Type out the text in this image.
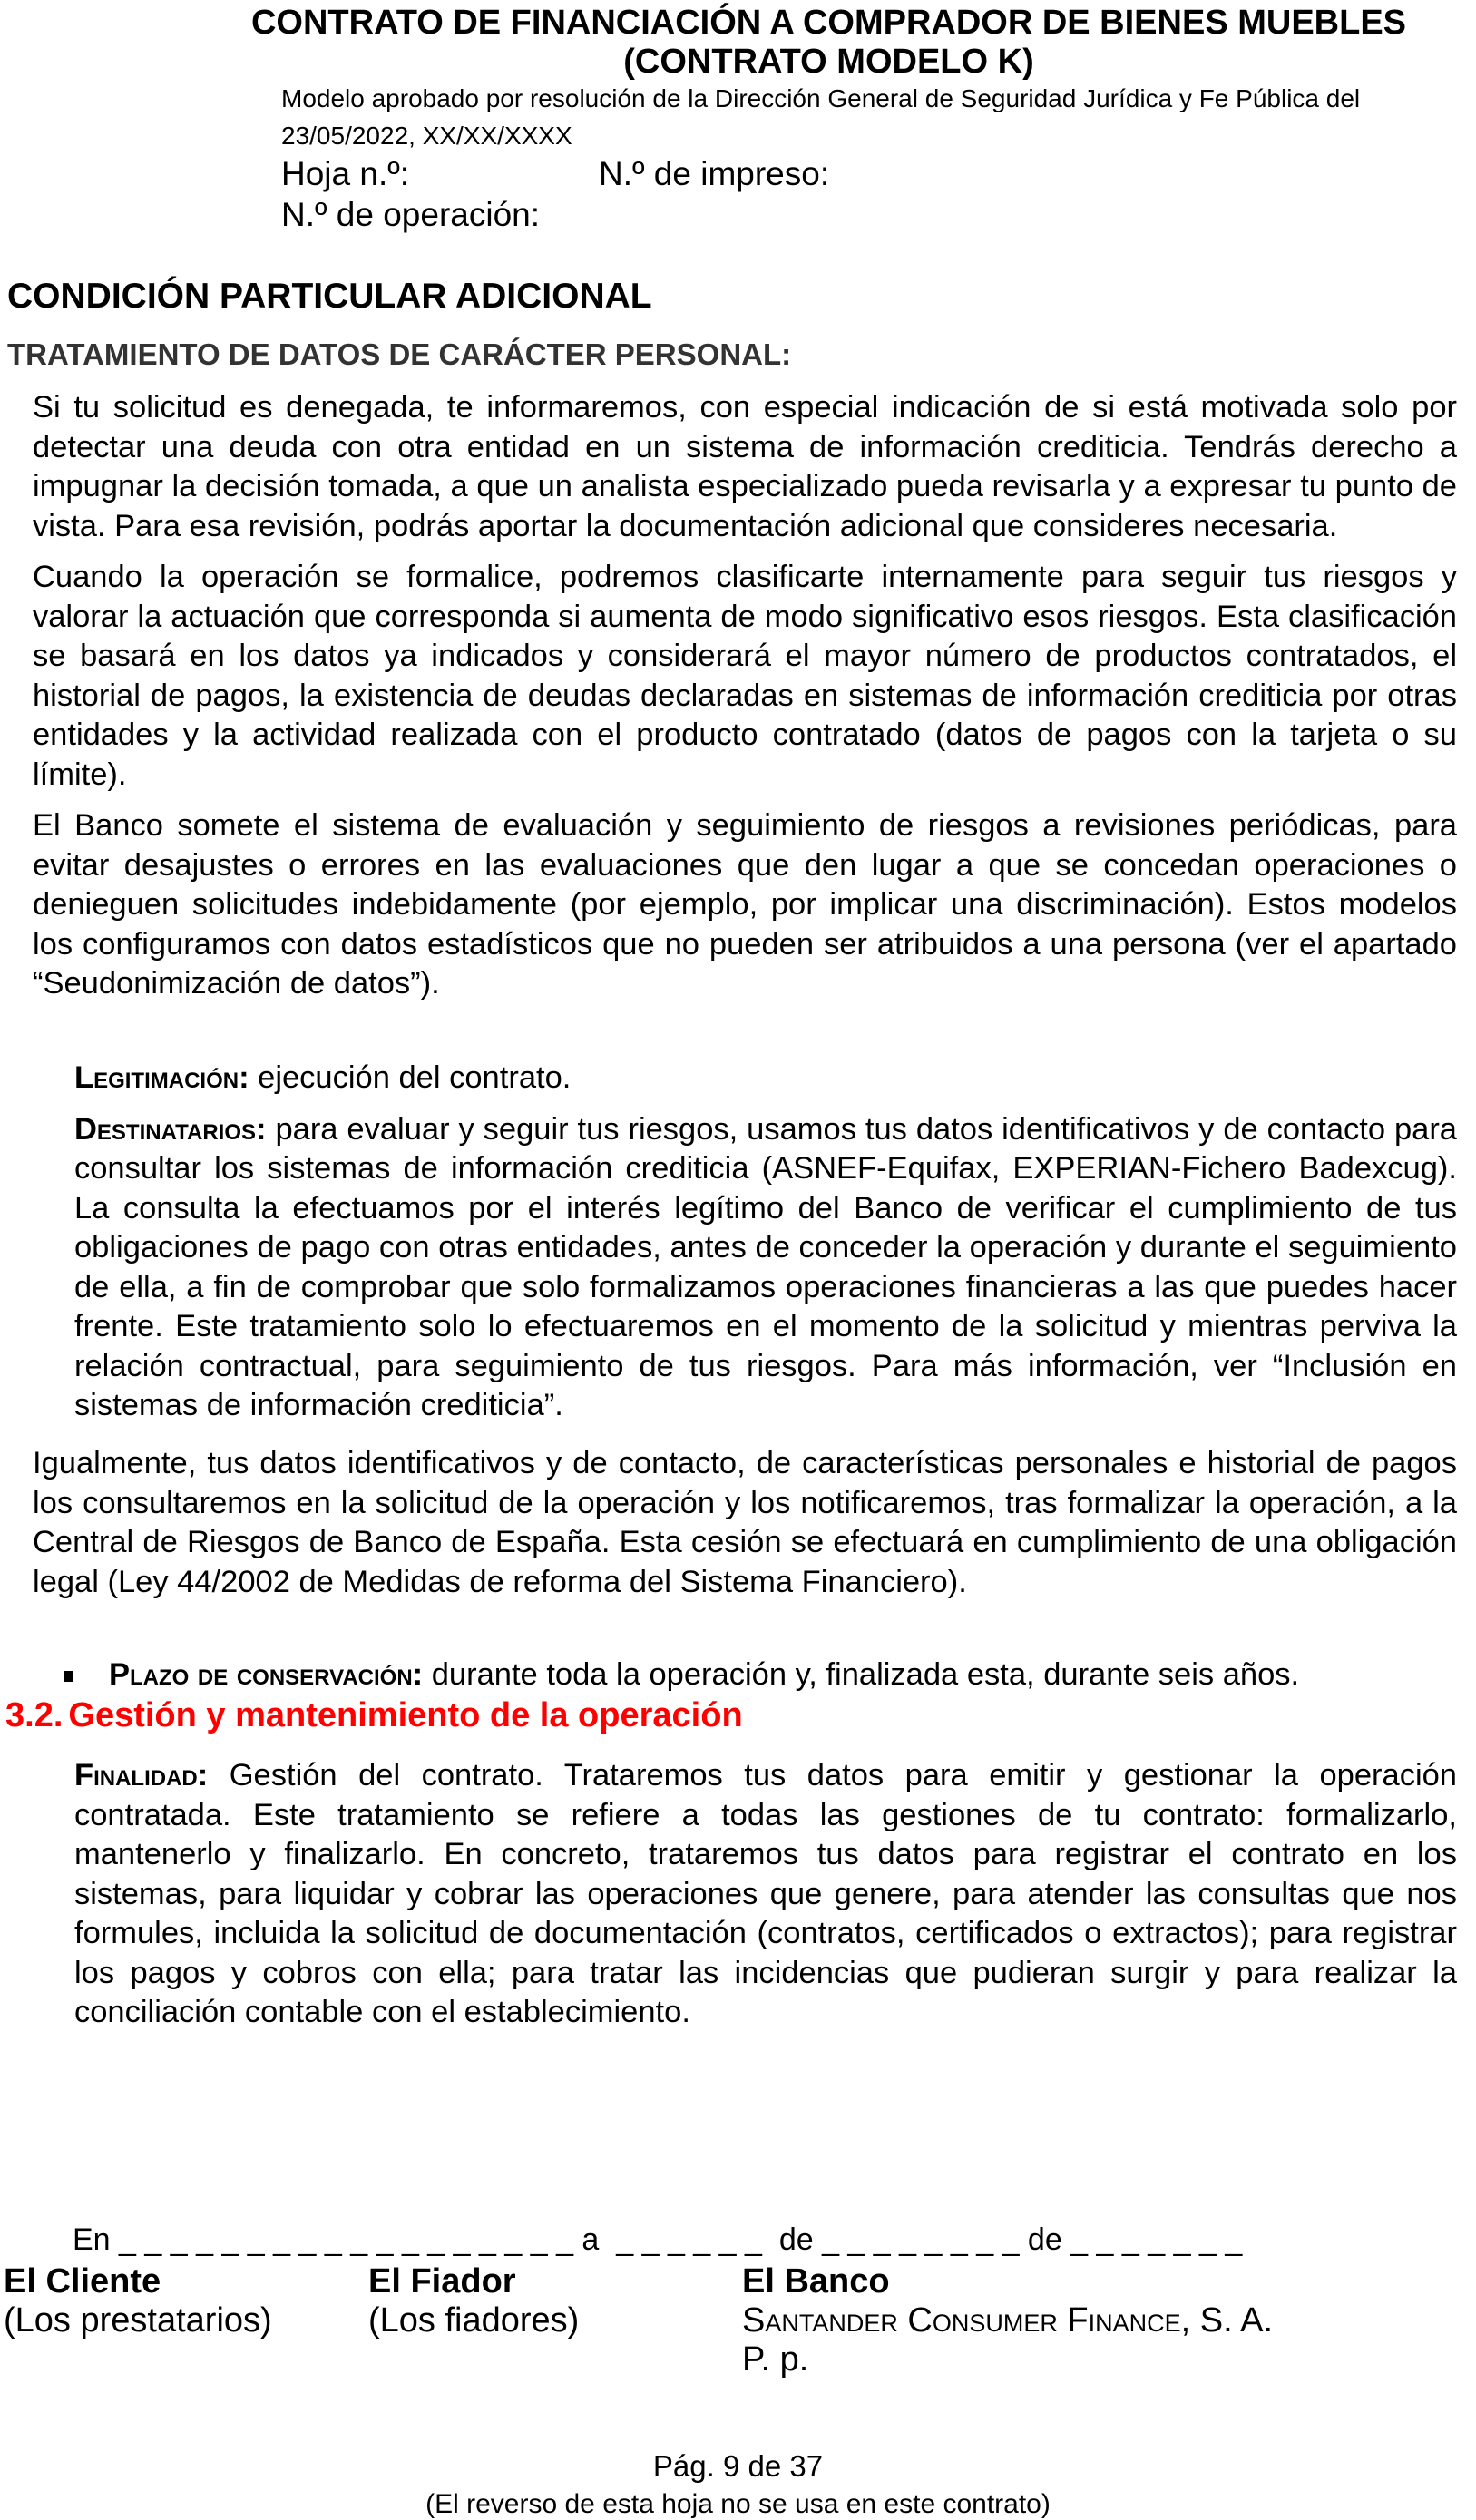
CONTRATO DE FINANCIACIÓN A COMPRADOR DE BIENES MUEBLES
(CONTRATO MODELO K)
Modelo aprobado por resolución de la Dirección General de Seguridad Jurídica y Fe Pública del
23/05/2022, XX/XX/XXXX
Hoja n.º:	N.º de impreso:
N.º de operación:
CONDICIÓN PARTICULAR ADICIONAL
TRATAMIENTO DE DATOS DE CARÁCTER PERSONAL:

Si tu solicitud es denegada, te informaremos, con especial indicación de si está motivada solo por detectar una deuda con otra entidad en un sistema de información crediticia. Tendrás derecho a impugnar la decisión tomada, a que un analista especializado pueda revisarla y a expresar tu punto de vista. Para esa revisión, podrás aportar la documentación adicional que consideres necesaria.

Cuando la operación se formalice, podremos clasificarte internamente para seguir tus riesgos y valorar la actuación que corresponda si aumenta de modo significativo esos riesgos. Esta clasificación se basará en los datos ya indicados y considerará el mayor número de productos contratados, el historial de pagos, la existencia de deudas declaradas en sistemas de información crediticia por otras entidades y la actividad realizada con el producto contratado (datos de pagos con la tarjeta o su límite).

El Banco somete el sistema de evaluación y seguimiento de riesgos a revisiones periódicas, para evitar desajustes o errores en las evaluaciones que den lugar a que se concedan operaciones o denieguen solicitudes indebidamente (por ejemplo, por implicar una discriminación). Estos modelos los configuramos con datos estadísticos que no pueden ser atribuidos a una persona (ver el apartado “Seudonimización de datos”).

Legitimación: ejecución del contrato.

Destinatarios: para evaluar y seguir tus riesgos, usamos tus datos identificativos y de contacto para consultar los sistemas de información crediticia (ASNEF-Equifax, EXPERIAN-Fichero Badexcug). La consulta la efectuamos por el interés legítimo del Banco de verificar el cumplimiento de tus obligaciones de pago con otras entidades, antes de conceder la operación y durante el seguimiento de ella, a fin de comprobar que solo formalizamos operaciones financieras a las que puedes hacer frente. Este tratamiento solo lo efectuaremos en el momento de la solicitud y mientras perviva la relación contractual, para seguimiento de tus riesgos. Para más información, ver “Inclusión en sistemas de información crediticia”.

Igualmente, tus datos identificativos y de contacto, de características personales e historial de pagos los consultaremos en la solicitud de la operación y los notificaremos, tras formalizar la operación, a la Central de Riesgos de Banco de España. Esta cesión se efectuará en cumplimiento de una obligación legal (Ley 44/2002 de Medidas de reforma del Sistema Financiero).
Plazo de conservación: durante toda la operación y, finalizada esta, durante seis años.
3.2. Gestión y mantenimiento de la operación
Finalidad: Gestión del contrato. Trataremos tus datos para emitir y gestionar la operación contratada. Este tratamiento se refiere a todas las gestiones de tu contrato: formalizarlo, mantenerlo y finalizarlo. En concreto, trataremos tus datos para registrar el contrato en los sistemas, para liquidar y cobrar las operaciones que genere, para atender las consultas que nos formules, incluida la solicitud de documentación (contratos, certificados o extractos); para registrar los pagos y cobros con ella; para tratar las incidencias que pudieran surgir y para realizar la conciliación contable con el establecimiento.
En _ _ _ _ _ _ _ _ _ _ _ _ _ _ _ _ _ _ a  _ _ _ _ _ _  de _ _ _ _ _ _ _ _ de _ _ _ _ _ _ _
El Cliente
(Los prestatarios)
El Fiador
(Los fiadores)
El Banco
Santander Consumer Finance, S. A.
P. p.
Pág. 9 de 37
(El reverso de esta hoja no se usa en este contrato)
